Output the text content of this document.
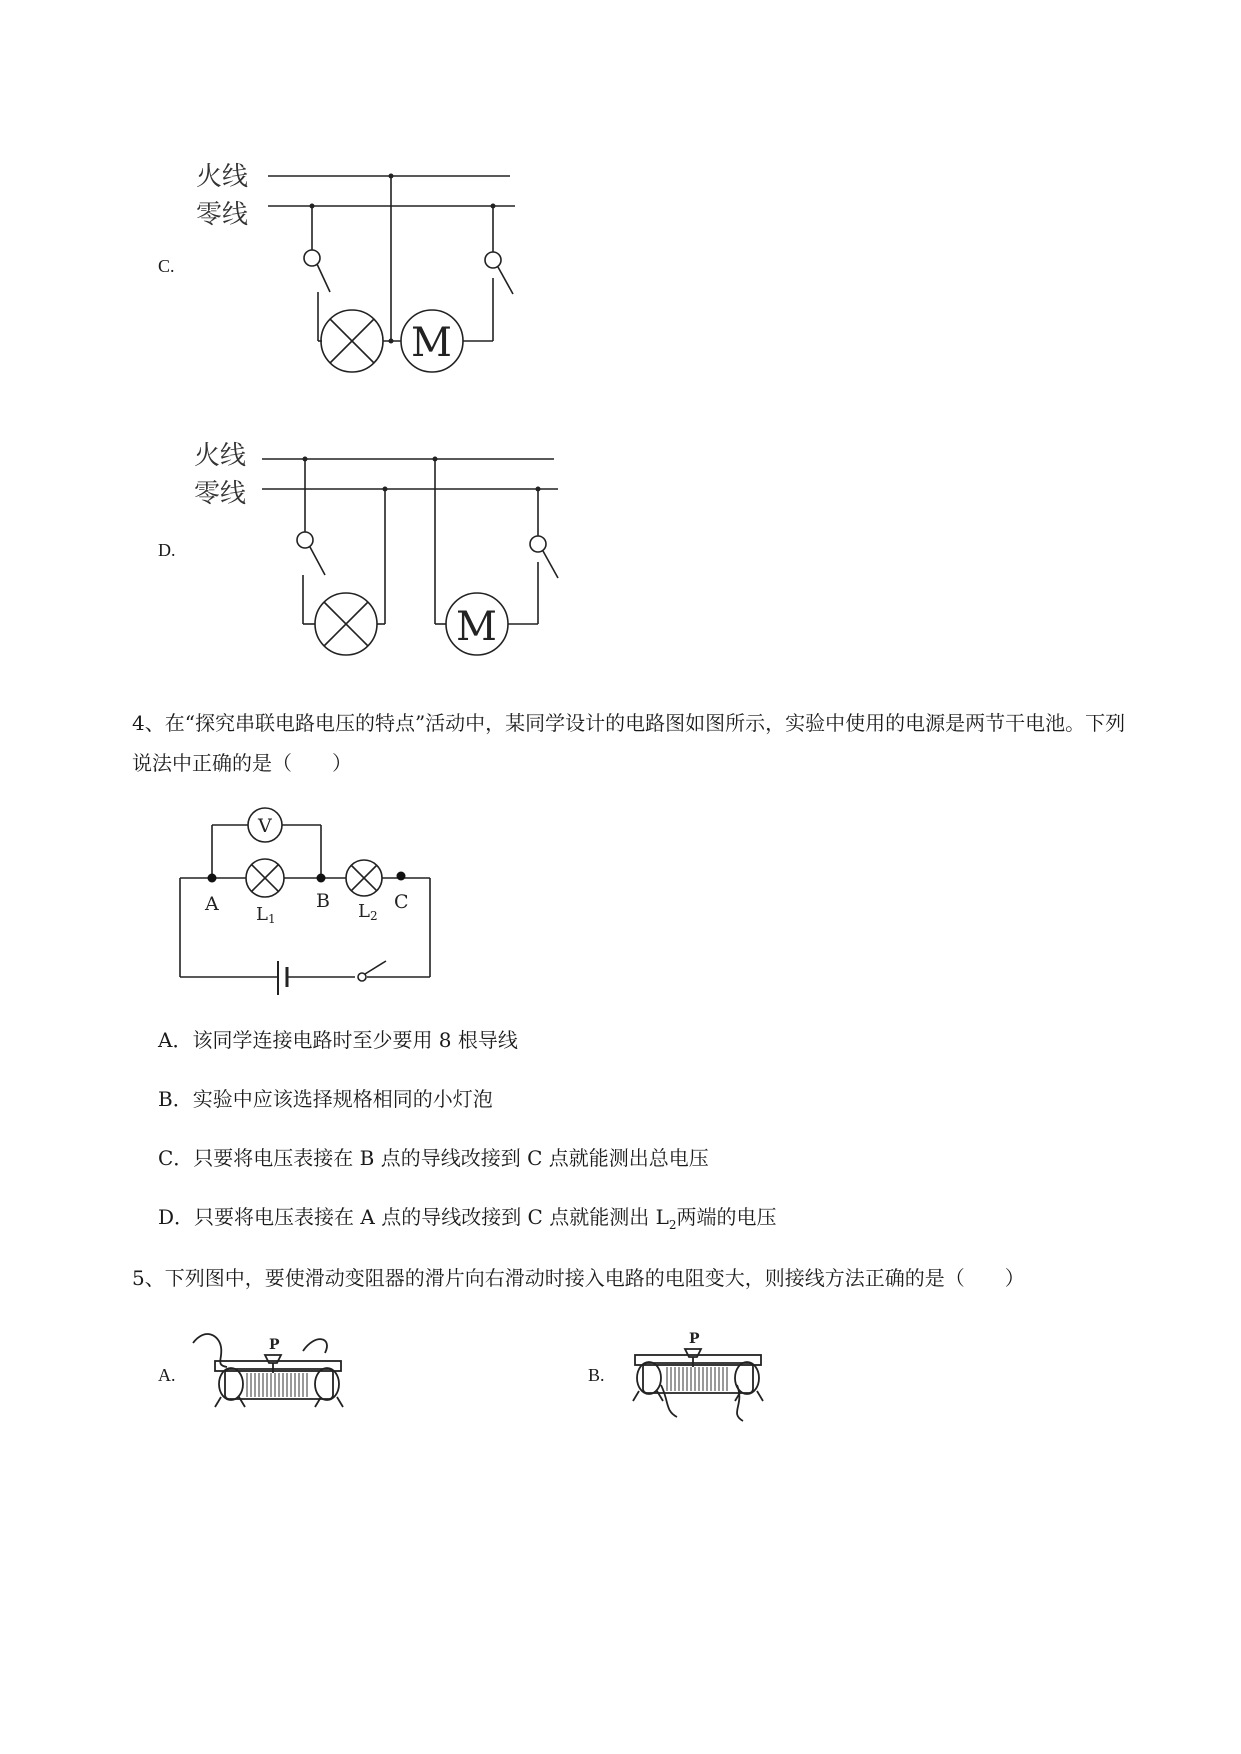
C.
火线
零线
M
D.
火线
零线
M
4、在“探究串联电路电压的特点”活动中，某同学设计的电路图如图所示，实验中使用的电源是两节干电池。下列说法中正确的是（　　）
V
A	B	C
L1	L2
A．该同学连接电路时至少要用 8 根导线
B．实验中应该选择规格相同的小灯泡
C．只要将电压表接在 B 点的导线改接到 C 点就能测出总电压
D．只要将电压表接在 A 点的导线改接到 C 点就能测出 $L_2$两端的电压
5、下列图中，要使滑动变阻器的滑片向右滑动时接入电路的电阻变大，则接线方法正确的是（　　）
A.
P
B.
P
